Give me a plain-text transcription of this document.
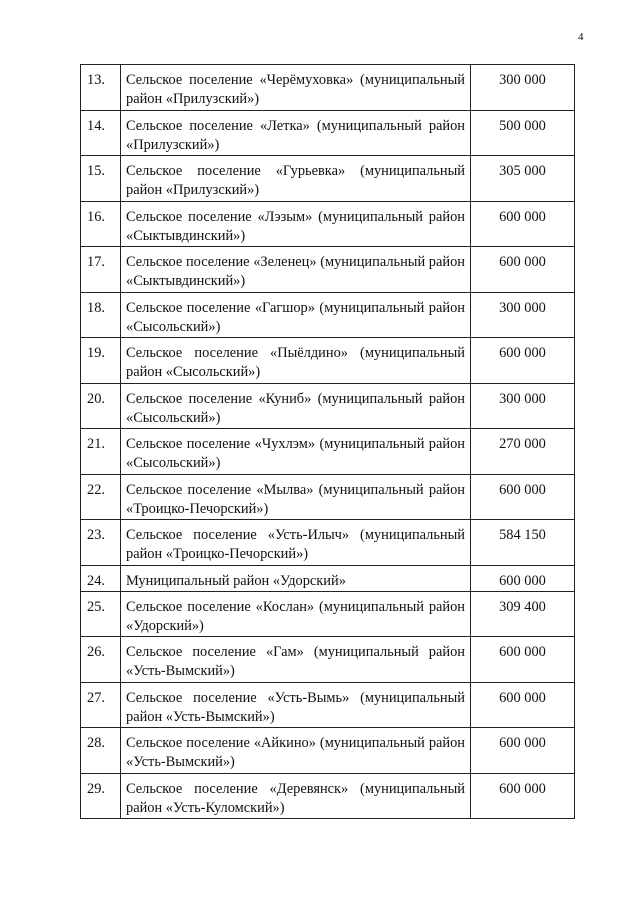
4
13.	Сельское поселение «Черёмуховка» (муниципальный район «Прилузский»)	300 000
14.	Сельское поселение «Летка» (муниципальный район «Прилузский»)	500 000
15.	Сельское поселение «Гурьевка» (муниципальный район «Прилузский»)	305 000
16.	Сельское поселение «Лэзым» (муниципальный район «Сыктывдинский»)	600 000
17.	Сельское поселение «Зеленец» (муниципальный район «Сыктывдинский»)	600 000
18.	Сельское поселение «Гагшор» (муниципальный район «Сысольский»)	300 000
19.	Сельское поселение «Пыёлдино» (муниципальный район «Сысольский»)	600 000
20.	Сельское поселение «Куниб» (муниципальный район «Сысольский»)	300 000
21.	Сельское поселение «Чухлэм» (муниципальный район «Сысольский»)	270 000
22.	Сельское поселение «Мылва» (муниципальный район «Троицко-Печорский»)	600 000
23.	Сельское поселение «Усть-Илыч» (муниципальный район «Троицко-Печорский»)	584 150
24.	Муниципальный район «Удорский»	600 000
25.	Сельское поселение «Кослан» (муниципальный район «Удорский»)	309 400
26.	Сельское поселение «Гам» (муниципальный район «Усть-Вымский»)	600 000
27.	Сельское поселение «Усть-Вымь» (муниципальный район «Усть-Вымский»)	600 000
28.	Сельское поселение «Айкино» (муниципальный район «Усть-Вымский»)	600 000
29.	Сельское поселение «Деревянск» (муниципальный район «Усть-Куломский»)	600 000
